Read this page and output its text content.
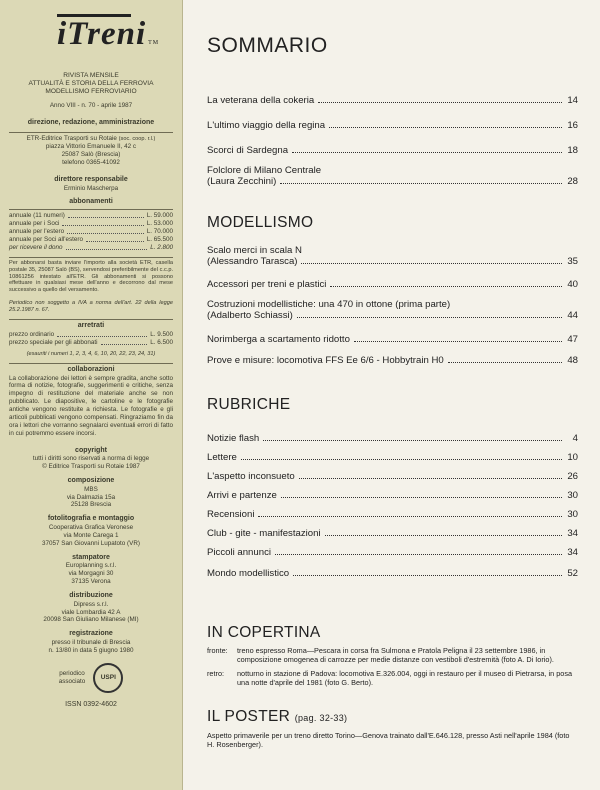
iTreni TM
RIVISTA MENSILE
ATTUALITÀ E STORIA DELLA FERROVIA
MODELLISMO FERROVIARIO
Anno VIII - n. 70 - aprile 1987
direzione, redazione, amministrazione
ETR-Editrice Trasporti su Rotaie (soc. coop. r.l.)
piazza Vittorio Emanuele II, 42 c
25087 Salò (Brescia)
telefono 0365-41092
direttore responsabile
Erminio Mascherpa
abbonamenti
annuale (11 numeri)	L. 59.000
annuale per i Soci	L. 53.000
annuale per l'estero	L. 70.000
annuale per Soci all'estero	L. 65.500
per ricevere il dono	L. 2.800
Per abbonarsi basta inviare l'importo alla società ETR, casella postale 35, 25087 Salò (BS), servendosi preferibilmente del c.c.p. 10861256 intestato all'ETR. Gli abbonamenti si possono effettuare in qualsiasi mese dell'anno e decorrono dal mese successivo a quello del versamento.
Periodico non soggetto a IVA a norma dell'art. 22 della legge 25.2.1987 n. 67.
arretrati
prezzo ordinario	L. 9.500
prezzo speciale per gli abbonati	L. 6.500
(esauriti i numeri 1, 2, 3, 4, 6, 10, 20, 22, 23, 24, 31)
collaborazioni
La collaborazione dei lettori è sempre gradita, anche sotto forma di notizie, fotografie, suggerimenti e critiche, senza impegno di restituzione del materiale anche se non pubblicato. Le diapositive, le cartoline e le fotografie antiche vengono restituite a richiesta. Le fotografie e gli articoli pubblicati vengono compensati. Ringraziamo fin da ora i lettori che vorranno segnalarci eventuali errori di fatto in cui potremmo essere incorsi.
copyright
tutti i diritti sono riservati a norma di legge
© Editrice Trasporti su Rotaie 1987
composizione
MBS
via Dalmazia 15a
25128 Brescia
fotolitografia e montaggio
Cooperativa Grafica Veronese
via Monte Carega 1
37057 San Giovanni Lupatoto (VR)
stampatore
Europlanning s.r.l.
via Morgagni 30
37135 Verona
distribuzione
Dipress s.r.l.
viale Lombardia 42 A
20098 San Giuliano Milanese (MI)
registrazione
presso il tribunale di Brescia
n. 13/80 in data 5 giugno 1980
periodico
associato
USPI
ISSN 0392-4602
SOMMARIO
La veterana della cokeria	14
L'ultimo viaggio della regina	16
Scorci di Sardegna	18
Folclore di Milano Centrale
(Laura Zecchini)	28
MODELLISMO
Scalo merci in scala N
(Alessandro Tarasca)	35
Accessori per treni e plastici	40
Costruzioni modellistiche: una 470 in ottone (prima parte)
(Adalberto Schiassi)	44
Norimberga a scartamento ridotto	47
Prove e misure: locomotiva FFS Ee 6/6 - Hobbytrain H0	48
RUBRICHE
Notizie flash	4
Lettere	10
L'aspetto inconsueto	26
Arrivi e partenze	30
Recensioni	30
Club - gite - manifestazioni	34
Piccoli annunci	34
Mondo modellistico	52
IN COPERTINA
fronte:	treno espresso Roma—Pescara in corsa fra Sulmona e Pratola Peligna il 23 settembre 1986, in composizione omogenea di carrozze per medie distanze con vestiboli d'estremità (foto A. Di Iorio).
retro:	notturno in stazione di Padova: locomotiva E.326.004, oggi in restauro per il museo di Pietrarsa, in posa una notte d'aprile del 1981 (foto G. Berto).
IL POSTER (pag. 32-33)
Aspetto primaverile per un treno diretto Torino—Genova trainato dall'E.646.128, presso Asti nell'aprile 1984 (foto H. Rosenberger).
